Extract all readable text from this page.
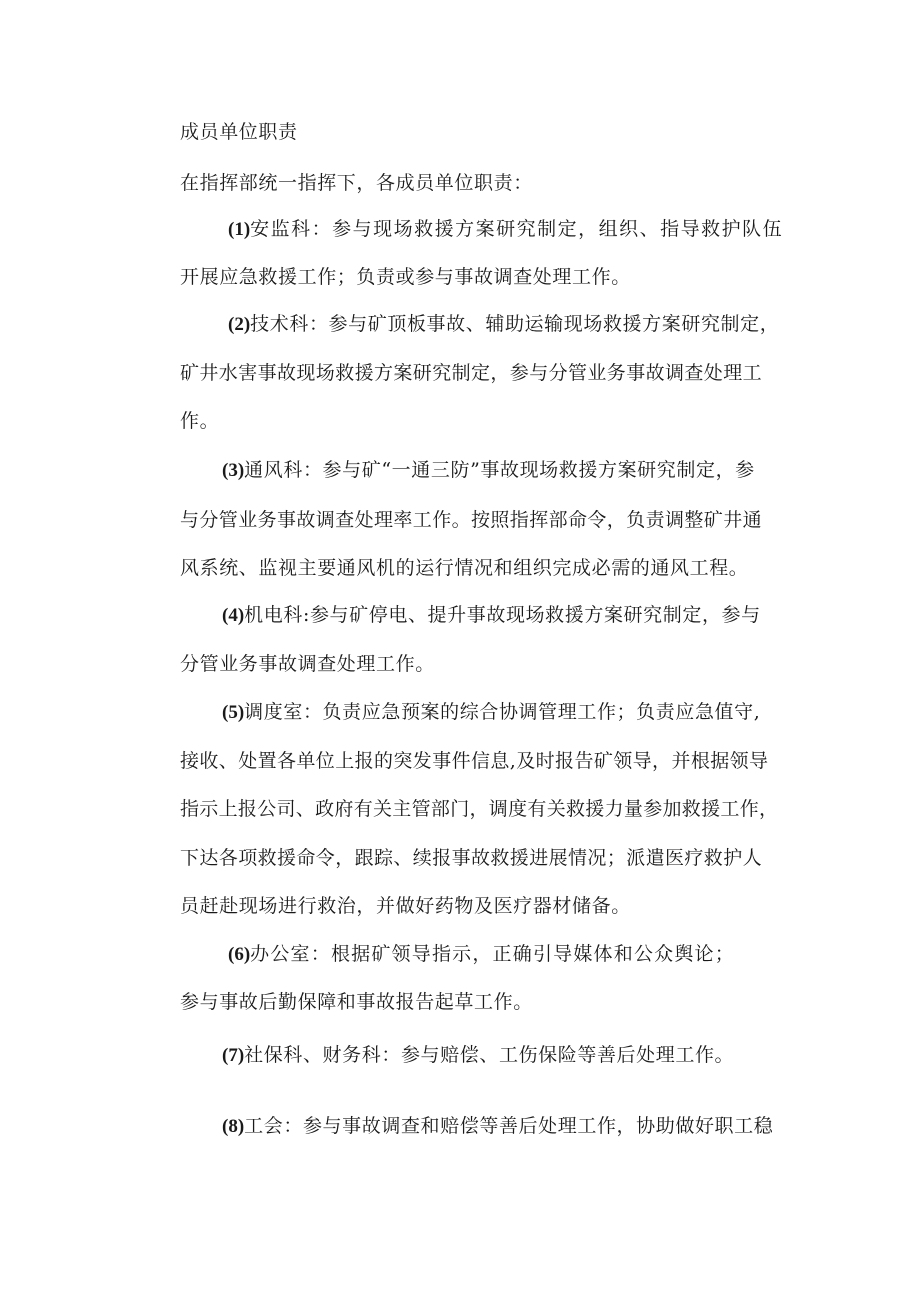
成员单位职责
在指挥部统一指挥下，各成员单位职责：
(1)安监科：参与现场救援方案研究制定，组织、指导救护队伍
开展应急救援工作；负责或参与事故调查处理工作。
(2)技术科：参与矿顶板事故、辅助运输现场救援方案研究制定，
矿井水害事故现场救援方案研究制定，参与分管业务事故调查处理工
作。
(3)通风科：参与矿“一通三防”事故现场救援方案研究制定，参
与分管业务事故调查处理率工作。按照指挥部命令，负责调整矿井通
风系统、监视主要通风机的运行情况和组织完成必需的通风工程。
(4)机电科:参与矿停电、提升事故现场救援方案研究制定，参与
分管业务事故调查处理工作。
(5)调度室：负责应急预案的综合协调管理工作；负责应急值守,
接收、处置各单位上报的突发事件信息,及时报告矿领导，并根据领导
指示上报公司、政府有关主管部门，调度有关救援力量参加救援工作，
下达各项救援命令，跟踪、续报事故救援进展情况；派遣医疗救护人
员赶赴现场进行救治，并做好药物及医疗器材储备。
(6)办公室：根据矿领导指示，正确引导媒体和公众舆论；
参与事故后勤保障和事故报告起草工作。
(7)社保科、财务科：参与赔偿、工伤保险等善后处理工作。
(8)工会：参与事故调查和赔偿等善后处理工作，协助做好职工稳
